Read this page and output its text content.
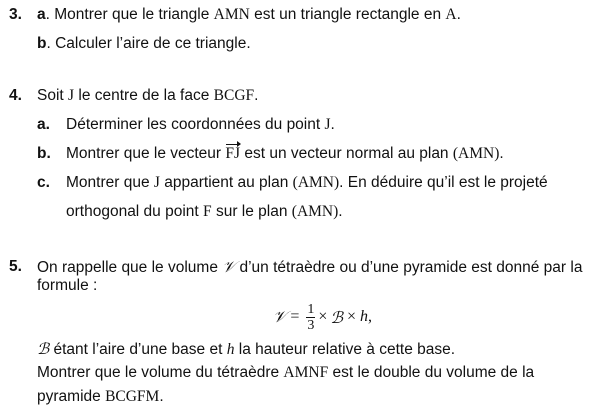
3. a. Montrer que le triangle AMN est un triangle rectangle en A.
b. Calculer l’aire de ce triangle.
4. Soit J le centre de la face BCGF.
a. Déterminer les coordonnées du point J.
b. Montrer que le vecteur FJ est un vecteur normal au plan (AMN).
c. Montrer que J appartient au plan (AMN). En déduire qu’il est le projeté
orthogonal du point F sur le plan (AMN).
5. On rappelle que le volume 𝒱 d’un tétraèdre ou d’une pyramide est donné par la
formule :
𝒱 = $\frac{1}{3}$ × ℬ × h ,
ℬ étant l’aire d’une base et h la hauteur relative à cette base.
Montrer que le volume du tétraèdre AMNF est le double du volume de la
pyramide BCGFM.
